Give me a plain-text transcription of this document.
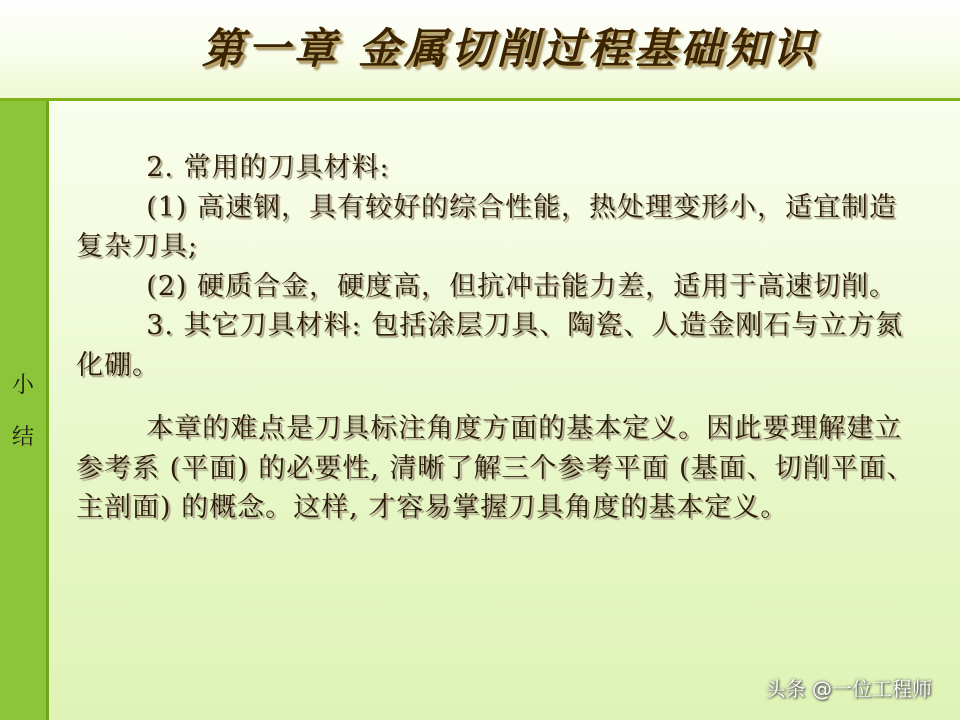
第一章 金属切削过程基础知识
小
结

2. 常用的刀具材料:

(1) 高速钢，具有较好的综合性能，热处理变形小，适宜制造复杂刀具;

(2) 硬质合金，硬度高，但抗冲击能力差，适用于高速切削。

3. 其它刀具材料: 包括涂层刀具、陶瓷、人造金刚石与立方氮化硼。

本章的难点是刀具标注角度方面的基本定义。因此要理解建立参考系 (平面) 的必要性, 清晰了解三个参考平面 (基面、切削平面、主剖面) 的概念。这样, 才容易掌握刀具角度的基本定义。

头条 @一位工程师
